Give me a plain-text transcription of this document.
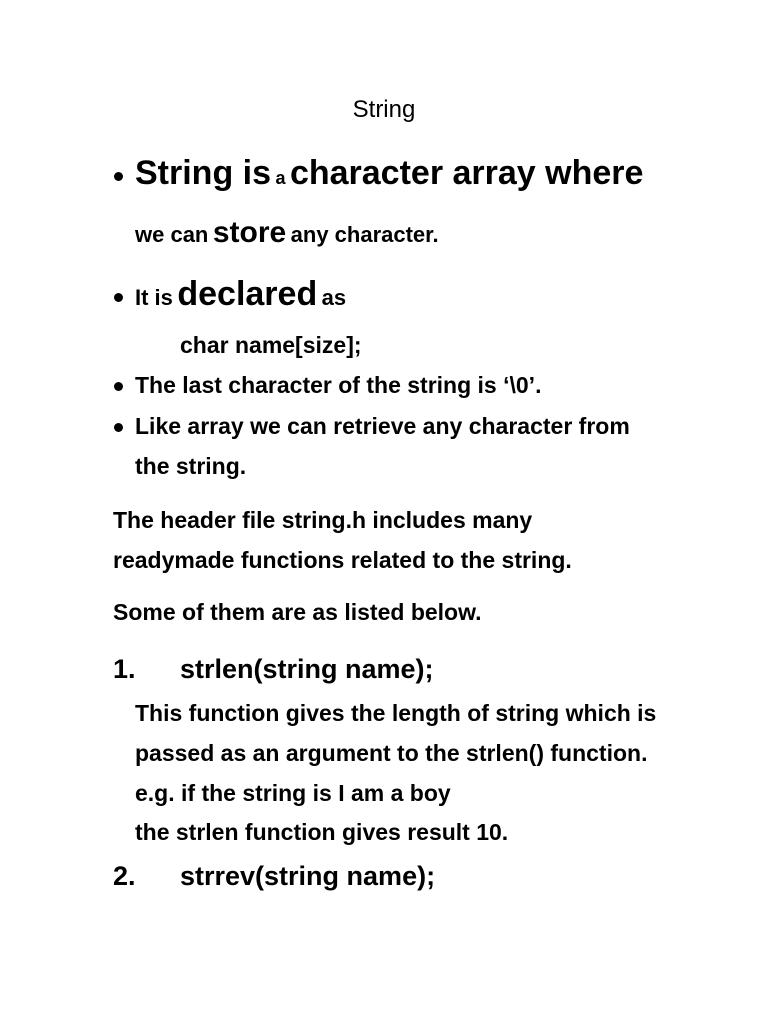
String
String is a character array where
we can store any character.
It is declared as
char name[size];
The last character of the string is ‘\0’.
Like array we can retrieve any character from
the string.
The header file string.h includes many
readymade functions related to the string.
Some of them are as listed below.
1. strlen(string name);
This function gives the length of string which is
passed as an argument to the strlen() function.
e.g. if the string is I am a boy
the strlen function gives result 10.
2. strrev(string name);
